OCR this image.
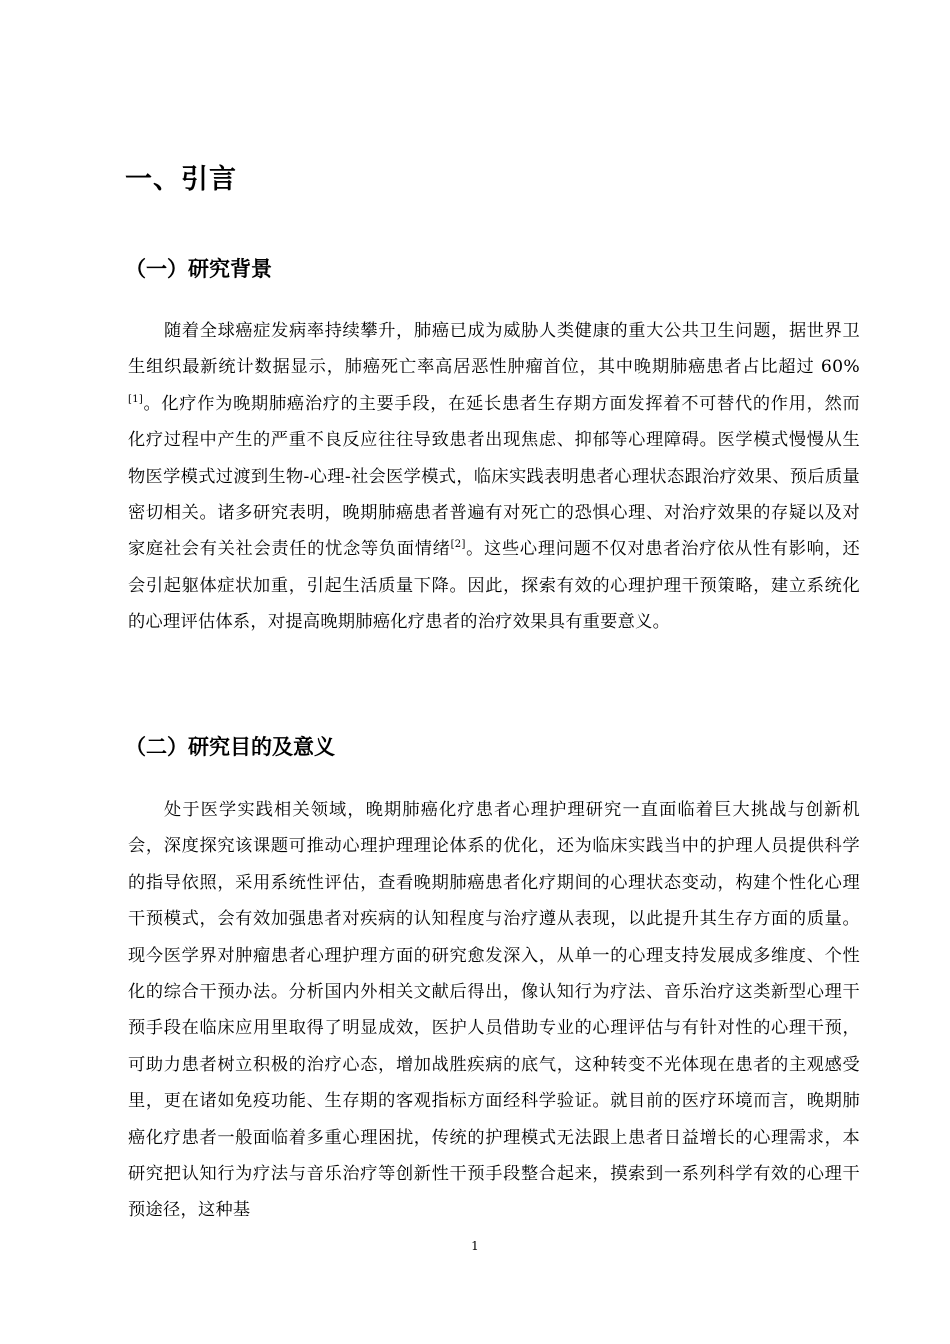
一、引言
（一）研究背景

随着全球癌症发病率持续攀升，肺癌已成为威胁人类健康的重大公共卫生问题，据世界卫生组织最新统计数据显示，肺癌死亡率高居恶性肿瘤首位，其中晚期肺癌患者占比超过 60%[1]。化疗作为晚期肺癌治疗的主要手段，在延长患者生存期方面发挥着不可替代的作用，然而化疗过程中产生的严重不良反应往往导致患者出现焦虑、抑郁等心理障碍。医学模式慢慢从生物医学模式过渡到生物-心理-社会医学模式，临床实践表明患者心理状态跟治疗效果、预后质量密切相关。诸多研究表明，晚期肺癌患者普遍有对死亡的恐惧心理、对治疗效果的存疑以及对家庭社会有关社会责任的忧念等负面情绪[2]。这些心理问题不仅对患者治疗依从性有影响，还会引起躯体症状加重，引起生活质量下降。因此，探索有效的心理护理干预策略，建立系统化的心理评估体系，对提高晚期肺癌化疗患者的治疗效果具有重要意义。

（二）研究目的及意义

处于医学实践相关领域，晚期肺癌化疗患者心理护理研究一直面临着巨大挑战与创新机会，深度探究该课题可推动心理护理理论体系的优化，还为临床实践当中的护理人员提供科学的指导依照，采用系统性评估，查看晚期肺癌患者化疗期间的心理状态变动，构建个性化心理干预模式，会有效加强患者对疾病的认知程度与治疗遵从表现，以此提升其生存方面的质量。现今医学界对肿瘤患者心理护理方面的研究愈发深入，从单一的心理支持发展成多维度、个性化的综合干预办法。分析国内外相关文献后得出，像认知行为疗法、音乐治疗这类新型心理干预手段在临床应用里取得了明显成效，医护人员借助专业的心理评估与有针对性的心理干预，可助力患者树立积极的治疗心态，增加战胜疾病的底气，这种转变不光体现在患者的主观感受里，更在诸如免疫功能、生存期的客观指标方面经科学验证。就目前的医疗环境而言，晚期肺癌化疗患者一般面临着多重心理困扰，传统的护理模式无法跟上患者日益增长的心理需求，本研究把认知行为疗法与音乐治疗等创新性干预手段整合起来，摸索到一系列科学有效的心理干预途径，这种基

1
